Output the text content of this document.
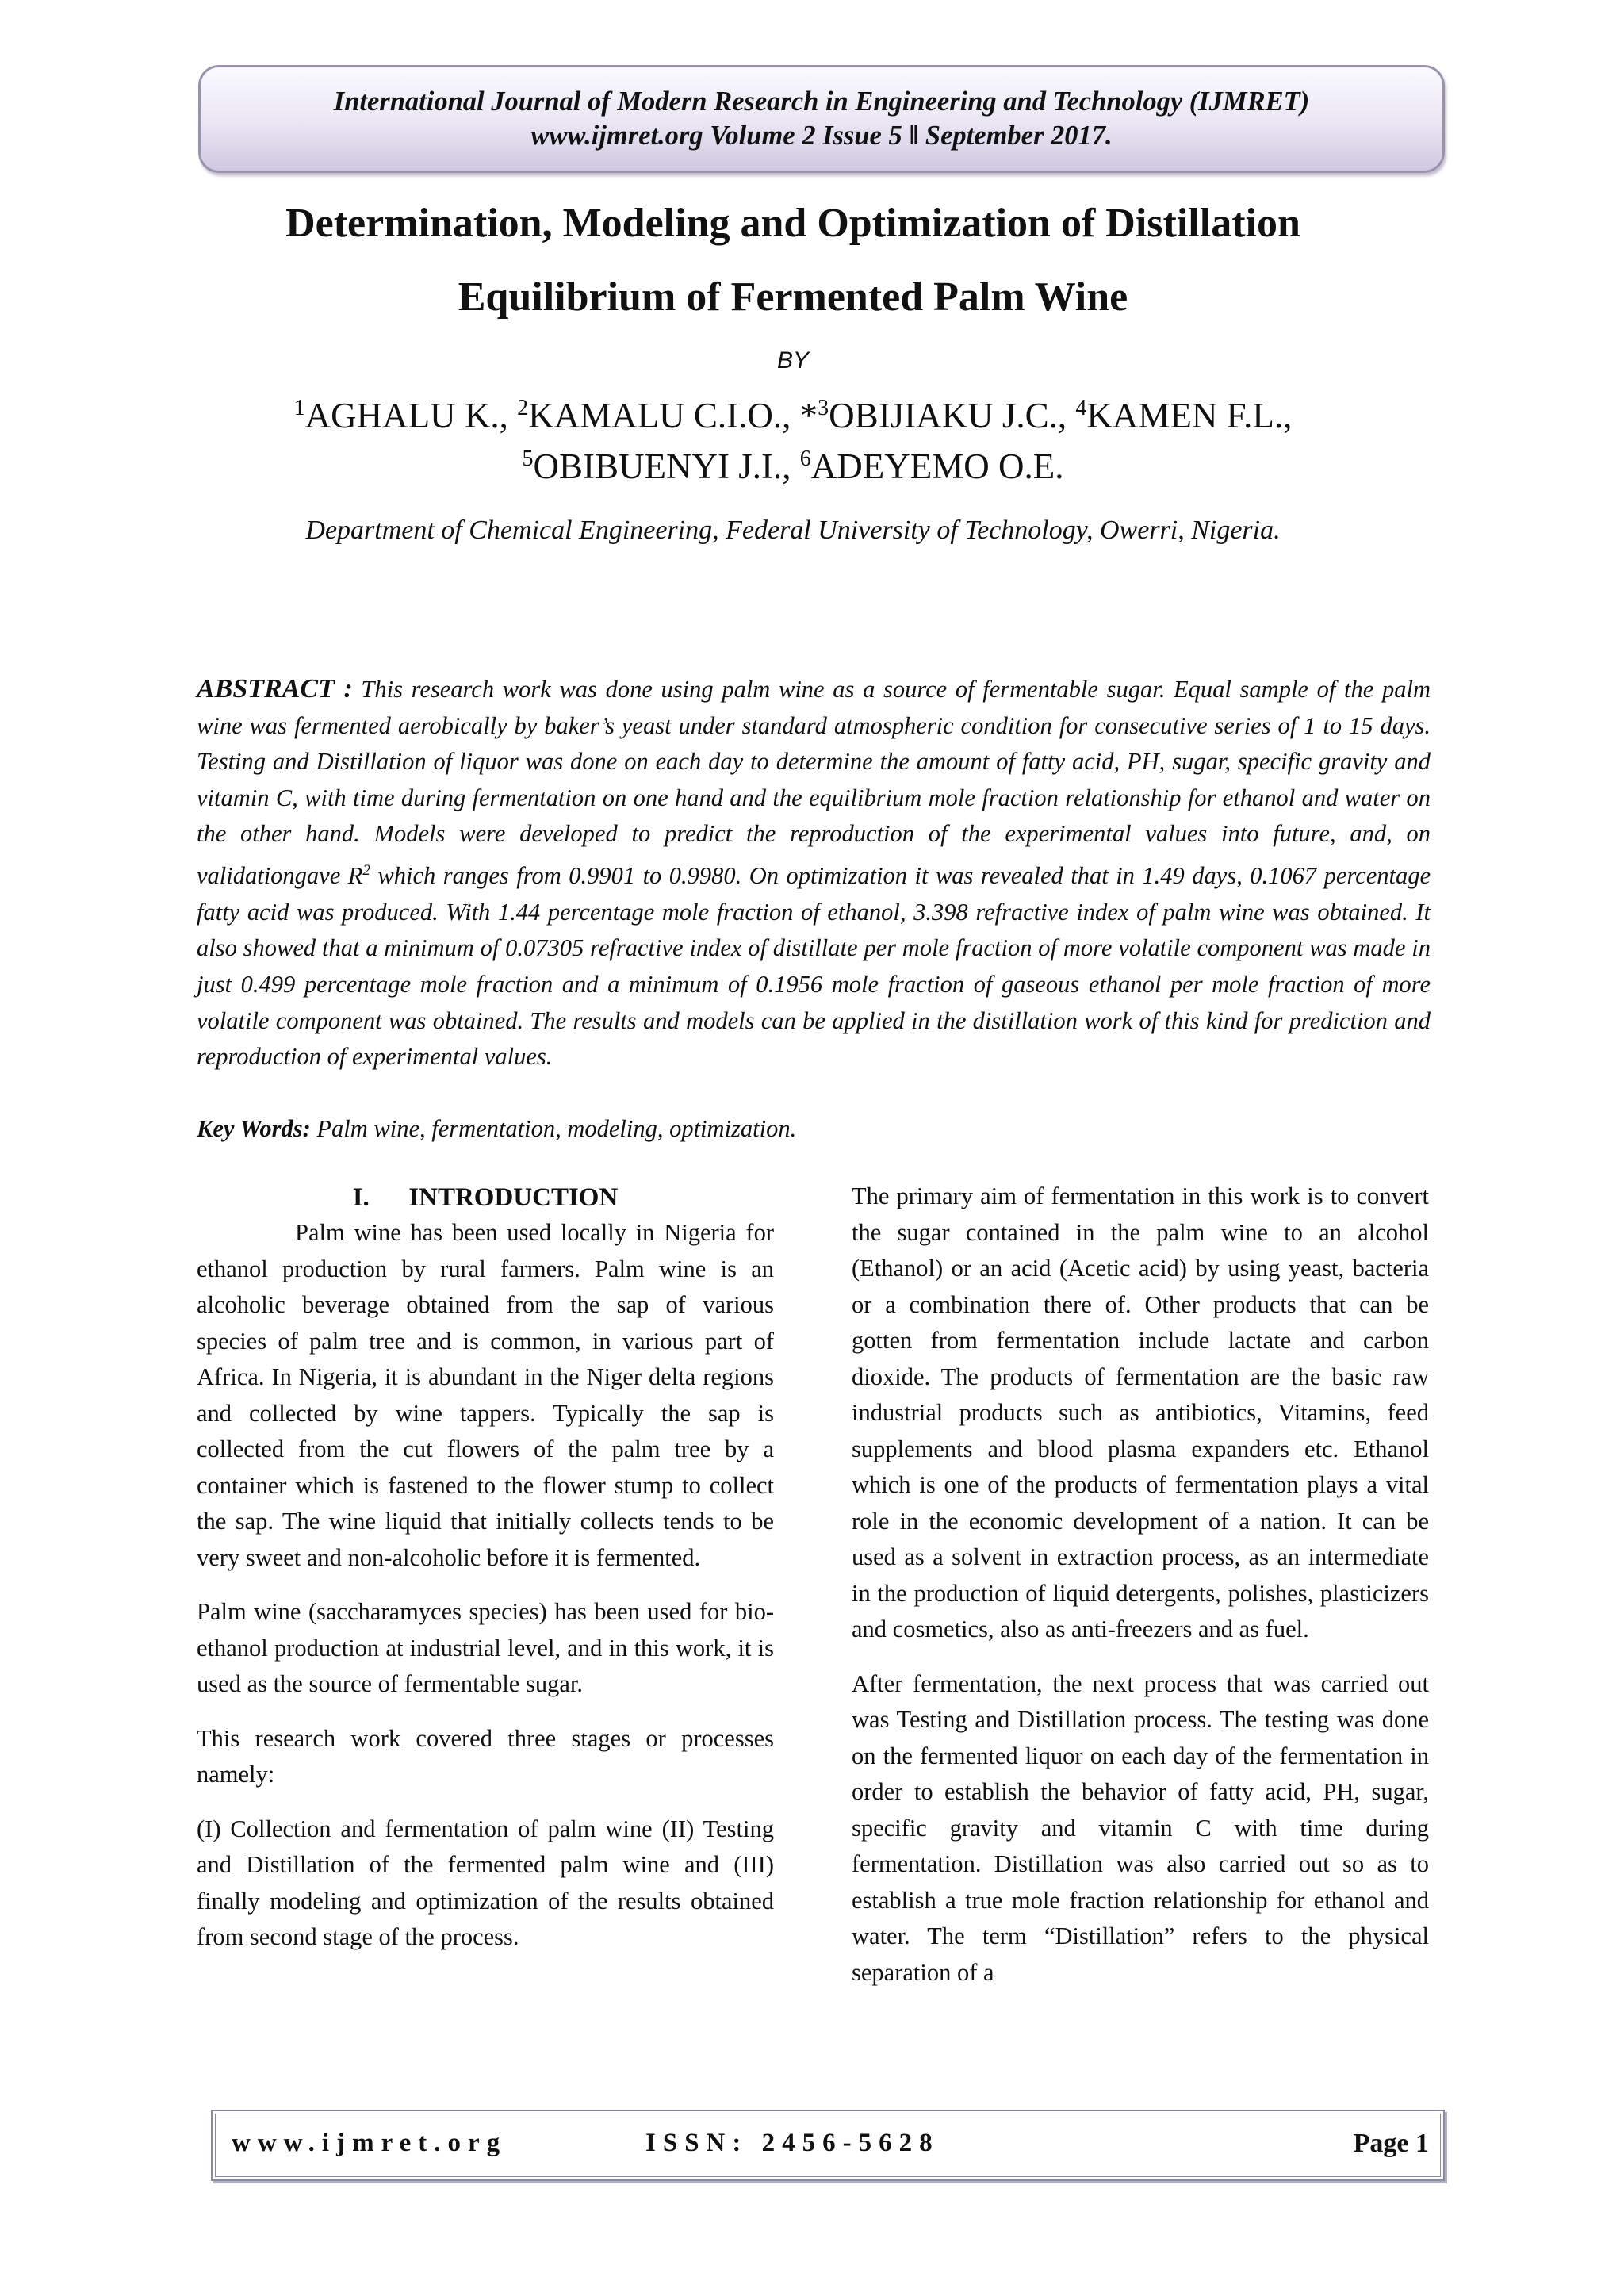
International Journal of Modern Research in Engineering and Technology (IJMRET)
www.ijmret.org Volume 2 Issue 5 ǁ September 2017.
Determination, Modeling and Optimization of Distillation
Equilibrium of Fermented Palm Wine
BY
$^1$AGHALU K., $^2$KAMALU C.I.O., *$^3$OBIJIAKU J.C., $^4$KAMEN F.L.,
$^5$OBIBUENYI J.I., $^6$ADEYEMO O.E.
Department of Chemical Engineering, Federal University of Technology, Owerri, Nigeria.
ABSTRACT : This research work was done using palm wine as a source of fermentable sugar. Equal sample of the palm wine was fermented aerobically by baker’s yeast under standard atmospheric condition for consecutive series of 1 to 15 days. Testing and Distillation of liquor was done on each day to determine the amount of fatty acid, PH, sugar, specific gravity and vitamin C, with time during fermentation on one hand and the equilibrium mole fraction relationship for ethanol and water on the other hand. Models were developed to predict the reproduction of the experimental values into future, and, on validationgave $R^2$ which ranges from 0.9901 to 0.9980. On optimization it was revealed that in 1.49 days, 0.1067 percentage fatty acid was produced. With 1.44 percentage mole fraction of ethanol, 3.398 refractive index of palm wine was obtained. It also showed that a minimum of 0.07305 refractive index of distillate per mole fraction of more volatile component was made in just 0.499 percentage mole fraction and a minimum of 0.1956 mole fraction of gaseous ethanol per mole fraction of more volatile component was obtained. The results and models can be applied in the distillation work of this kind for prediction and reproduction of experimental values.
Key Words: Palm wine, fermentation, modeling, optimization.
I.      INTRODUCTION

Palm wine has been used locally in Nigeria for ethanol production by rural farmers. Palm wine is an alcoholic beverage obtained from the sap of various species of palm tree and is common, in various part of Africa. In Nigeria, it is abundant in the Niger delta regions and collected by wine tappers. Typically the sap is collected from the cut flowers of the palm tree by a container which is fastened to the flower stump to collect the sap. The wine liquid that initially collects tends to be very sweet and non-alcoholic before it is fermented.

Palm wine (saccharamyces species) has been used for bio-ethanol production at industrial level, and in this work, it is used as the source of fermentable sugar.

This research work covered three stages or processes namely:

(I) Collection and fermentation of palm wine (II) Testing and Distillation of the fermented palm wine and (III) finally modeling and optimization of the results obtained from second stage of the process.

The primary aim of fermentation in this work is to convert the sugar contained in the palm wine to an alcohol (Ethanol) or an acid (Acetic acid) by using yeast, bacteria or a combination there of. Other products that can be gotten from fermentation include lactate and carbon dioxide. The products of fermentation are the basic raw industrial products such as antibiotics, Vitamins, feed supplements and blood plasma expanders etc. Ethanol which is one of the products of fermentation plays a vital role in the economic development of a nation. It can be used as a solvent in extraction process, as an intermediate in the production of liquid detergents, polishes, plasticizers and cosmetics, also as anti-freezers and as fuel.

After fermentation, the next process that was carried out was Testing and Distillation process. The testing was done on the fermented liquor on each day of the fermentation in order to establish the behavior of fatty acid, PH, sugar, specific gravity and vitamin C with time during fermentation. Distillation was also carried out so as to establish a true mole fraction relationship for ethanol and water. The term “Distillation” refers to the physical separation of a

www.ijmret.org	ISSN: 2456-5628	Page 1
